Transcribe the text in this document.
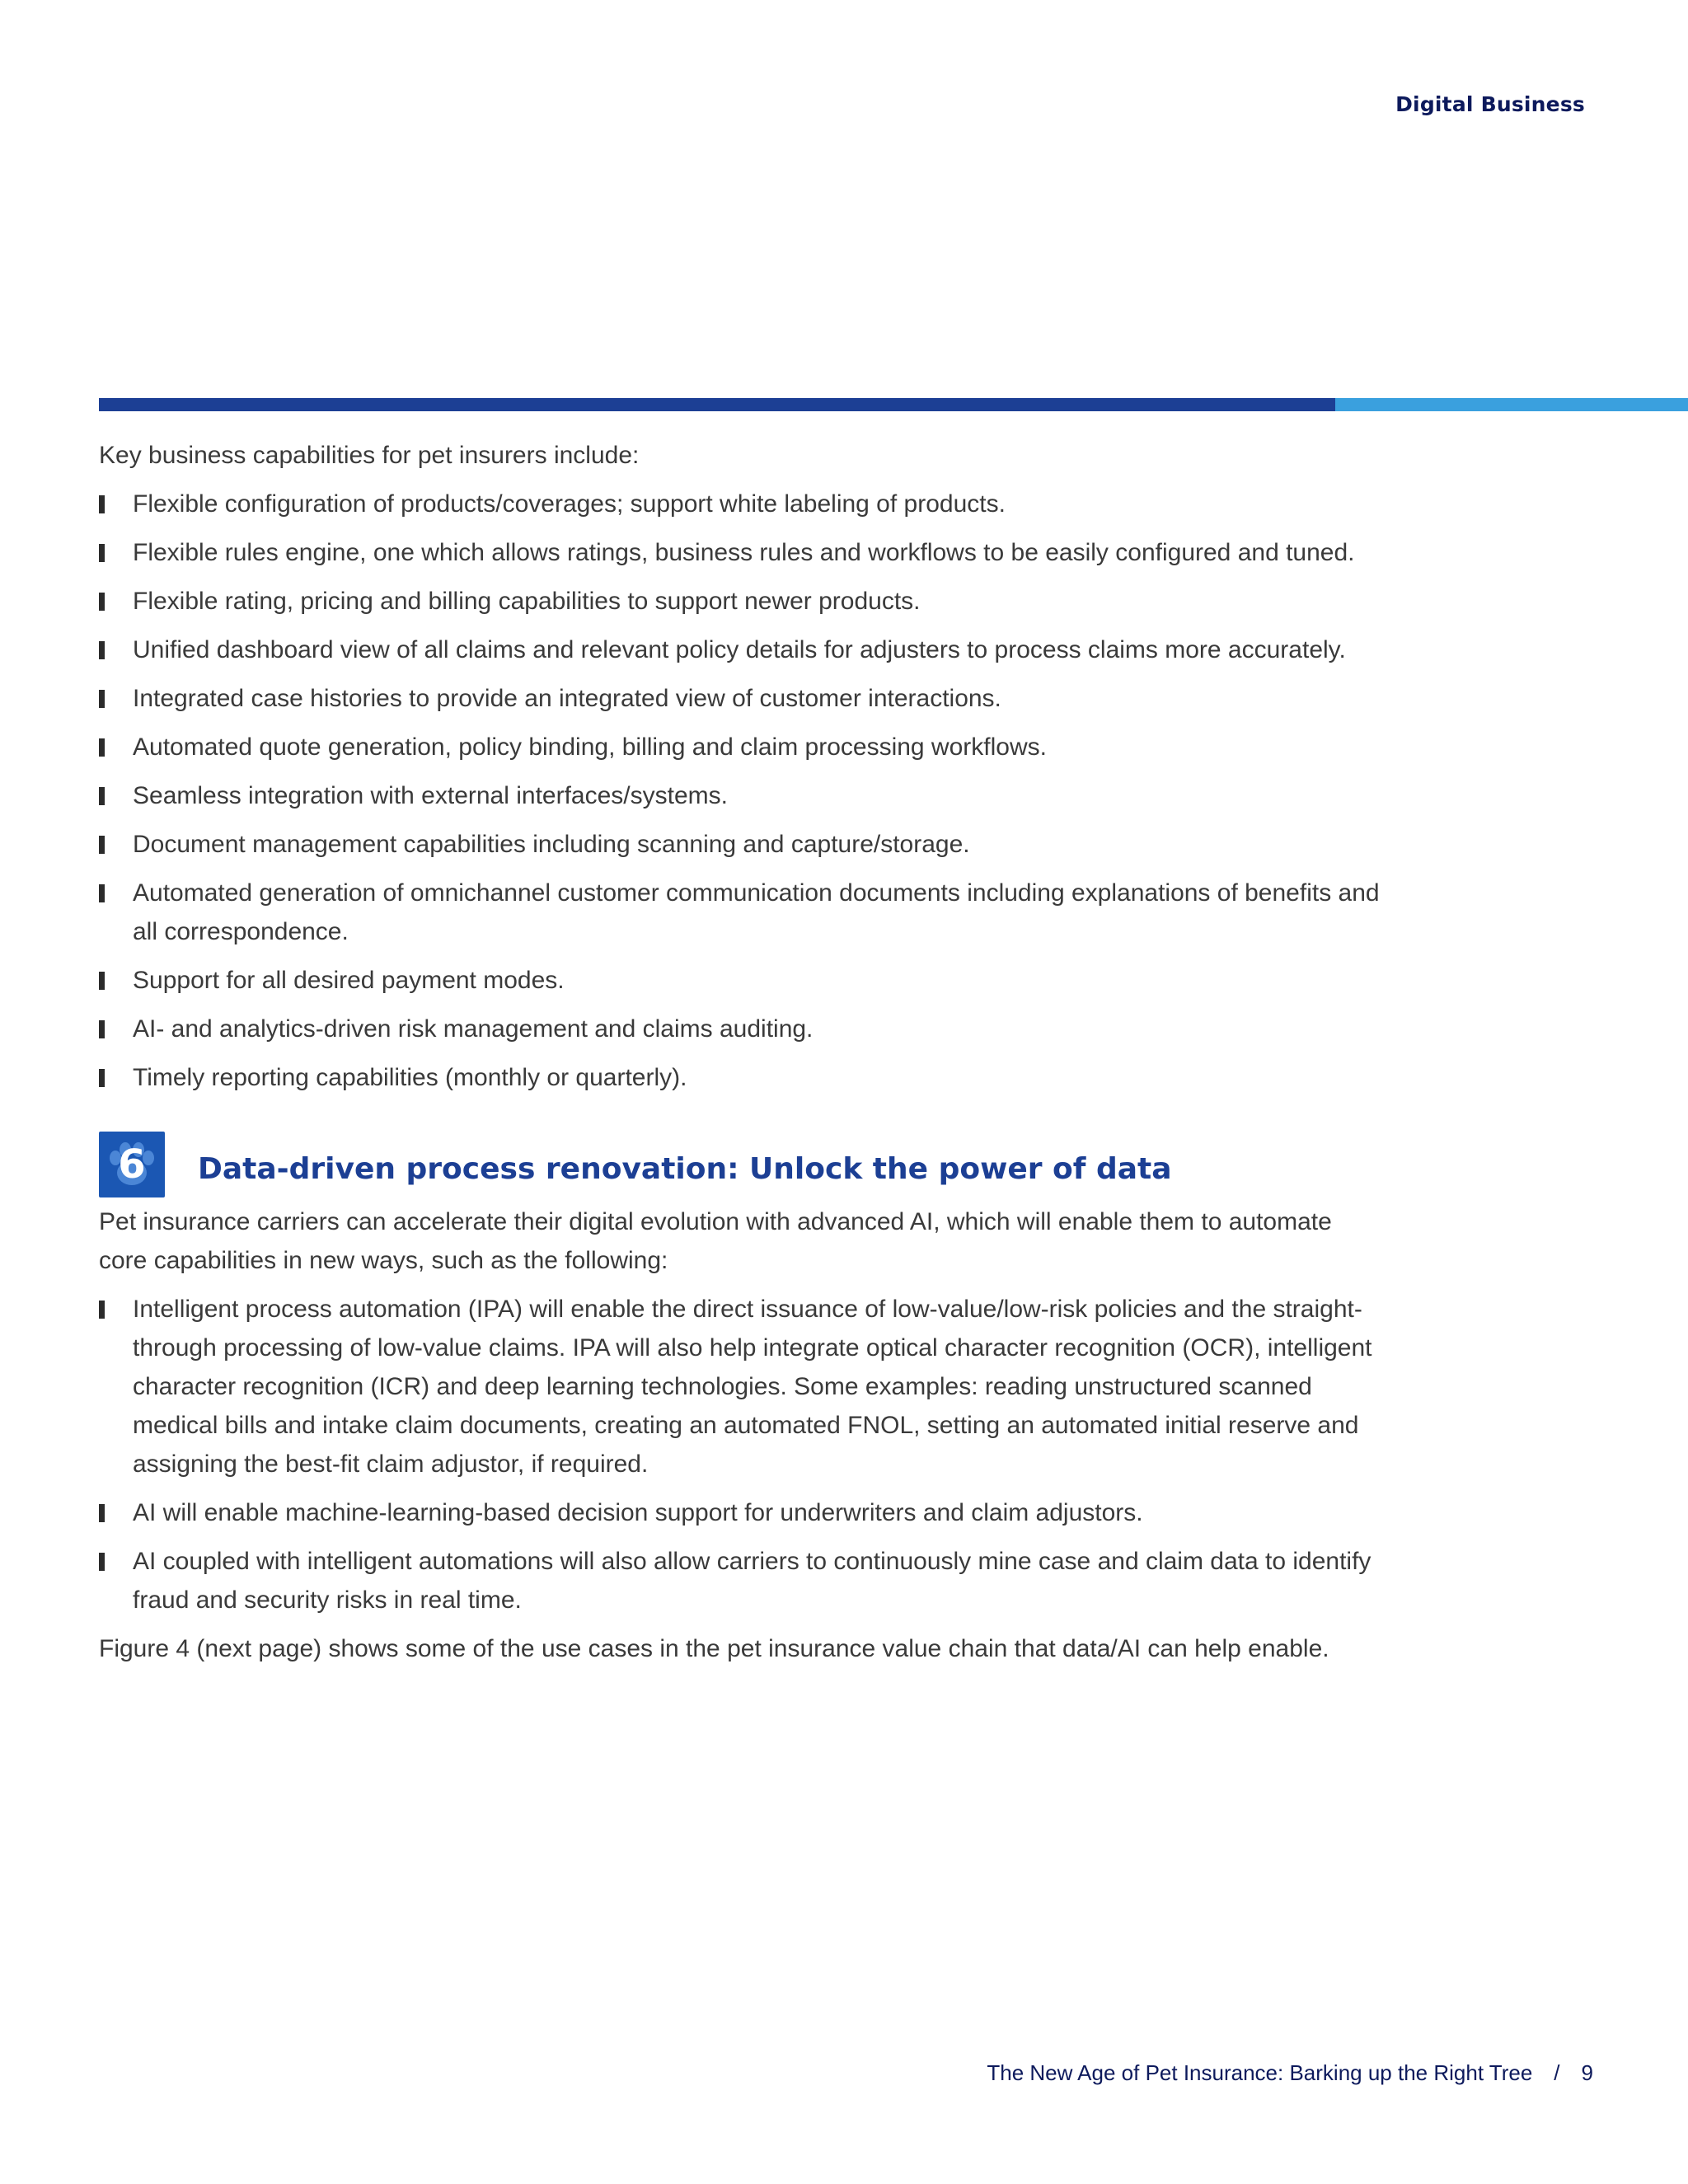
Digital Business

Key business capabilities for pet insurers include:

Flexible configuration of products/coverages; support white labeling of products.
Flexible rules engine, one which allows ratings, business rules and workflows to be easily configured and tuned.
Flexible rating, pricing and billing capabilities to support newer products.
Unified dashboard view of all claims and relevant policy details for adjusters to process claims more accurately.
Integrated case histories to provide an integrated view of customer interactions.
Automated quote generation, policy binding, billing and claim processing workflows.
Seamless integration with external interfaces/systems.
Document management capabilities including scanning and capture/storage.
Automated generation of omnichannel customer communication documents including explanations of benefits and all correspondence.
Support for all desired payment modes.
AI- and analytics-driven risk management and claims auditing.
Timely reporting capabilities (monthly or quarterly).
6 Data-driven process renovation: Unlock the power of data

Pet insurance carriers can accelerate their digital evolution with advanced AI, which will enable them to automate core capabilities in new ways, such as the following:

Intelligent process automation (IPA) will enable the direct issuance of low-value/low-risk policies and the straight-through processing of low-value claims. IPA will also help integrate optical character recognition (OCR), intelligent character recognition (ICR) and deep learning technologies. Some examples: reading unstructured scanned medical bills and intake claim documents, creating an automated FNOL, setting an automated initial reserve and assigning the best-fit claim adjustor, if required.
AI will enable machine-learning-based decision support for underwriters and claim adjustors.
AI coupled with intelligent automations will also allow carriers to continuously mine case and claim data to identify fraud and security risks in real time.

Figure 4 (next page) shows some of the use cases in the pet insurance value chain that data/AI can help enable.

The New Age of Pet Insurance: Barking up the Right Tree / 9
